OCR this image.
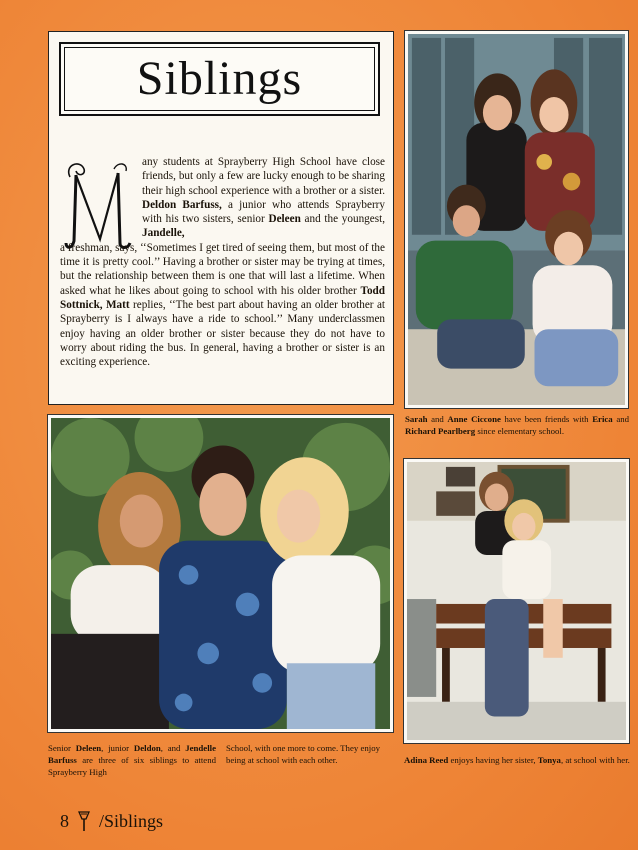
Siblings
M
any students at Sprayberry High School have close friends, but only a few are lucky enough to be sharing their high school experience with a brother or a sister. Deldon Barfuss, a junior who attends Sprayberry with his two sisters, senior Deleen and the youngest, Jandelle,
a freshman, says, ‘‘Sometimes I get tired of seeing them, but most of the time it is pretty cool.’’ Having a brother or sister may be trying at times, but the relationship between them is one that will last a lifetime. When asked what he likes about going to school with his older brother Todd Sottnick, Matt replies, ‘‘The best part about having an older brother at Sprayberry is I always have a ride to school.’’ Many underclassmen enjoy having an older brother or sister because they do not have to worry about riding the bus. In general, having a brother or sister is an exciting experience.
Sarah and Anne Ciccone have been friends with Erica and Richard Pearlberg since elementary school.
Senior Deleen, junior Deldon, and Jendelle Barfuss are three of six siblings to attend Sprayberry High
School, with one more to come. They enjoy being at school with each other.	Adina Reed enjoys having her sister, Tonya, at school with her.
8 /Siblings
